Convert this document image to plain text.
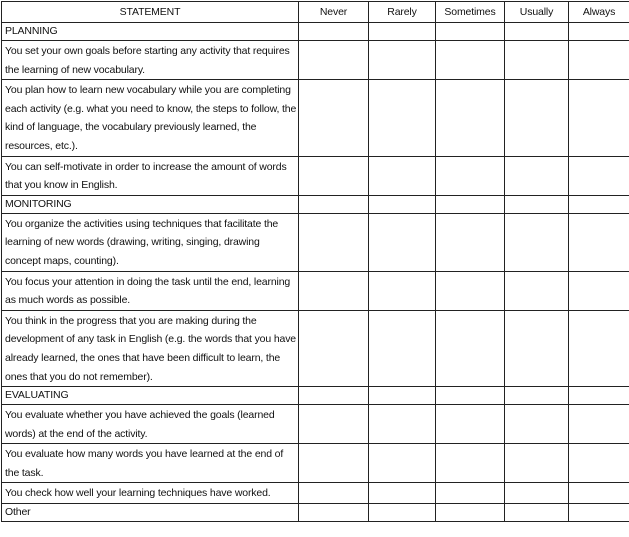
STATEMENT	Never	Rarely	Sometimes	Usually	Always
PLANNING					

You set your own goals before starting any activity that requires the learning of new vocabulary.					

You plan how to learn new vocabulary while you are completing each activity (e.g. what you need to know, the steps to follow, the kind of language, the vocabulary previously learned, the resources, etc.).					

You can self-motivate in order to increase the amount of words that you know in English.					

MONITORING					

You organize the activities using techniques that facilitate the learning of new words (drawing, writing, singing, drawing concept maps, counting).					

You focus your attention in doing the task until the end, learning as much words as possible.					

You think in the progress that you are making during the development of any task in English (e.g. the words that you have already learned, the ones that have been difficult to learn, the ones that you do not remember).					

EVALUATING					

You evaluate whether you have achieved the goals (learned words) at the end of the activity.					

You evaluate how many words you have learned at the end of the task.					

You check how well your learning techniques have worked.					

Other					
